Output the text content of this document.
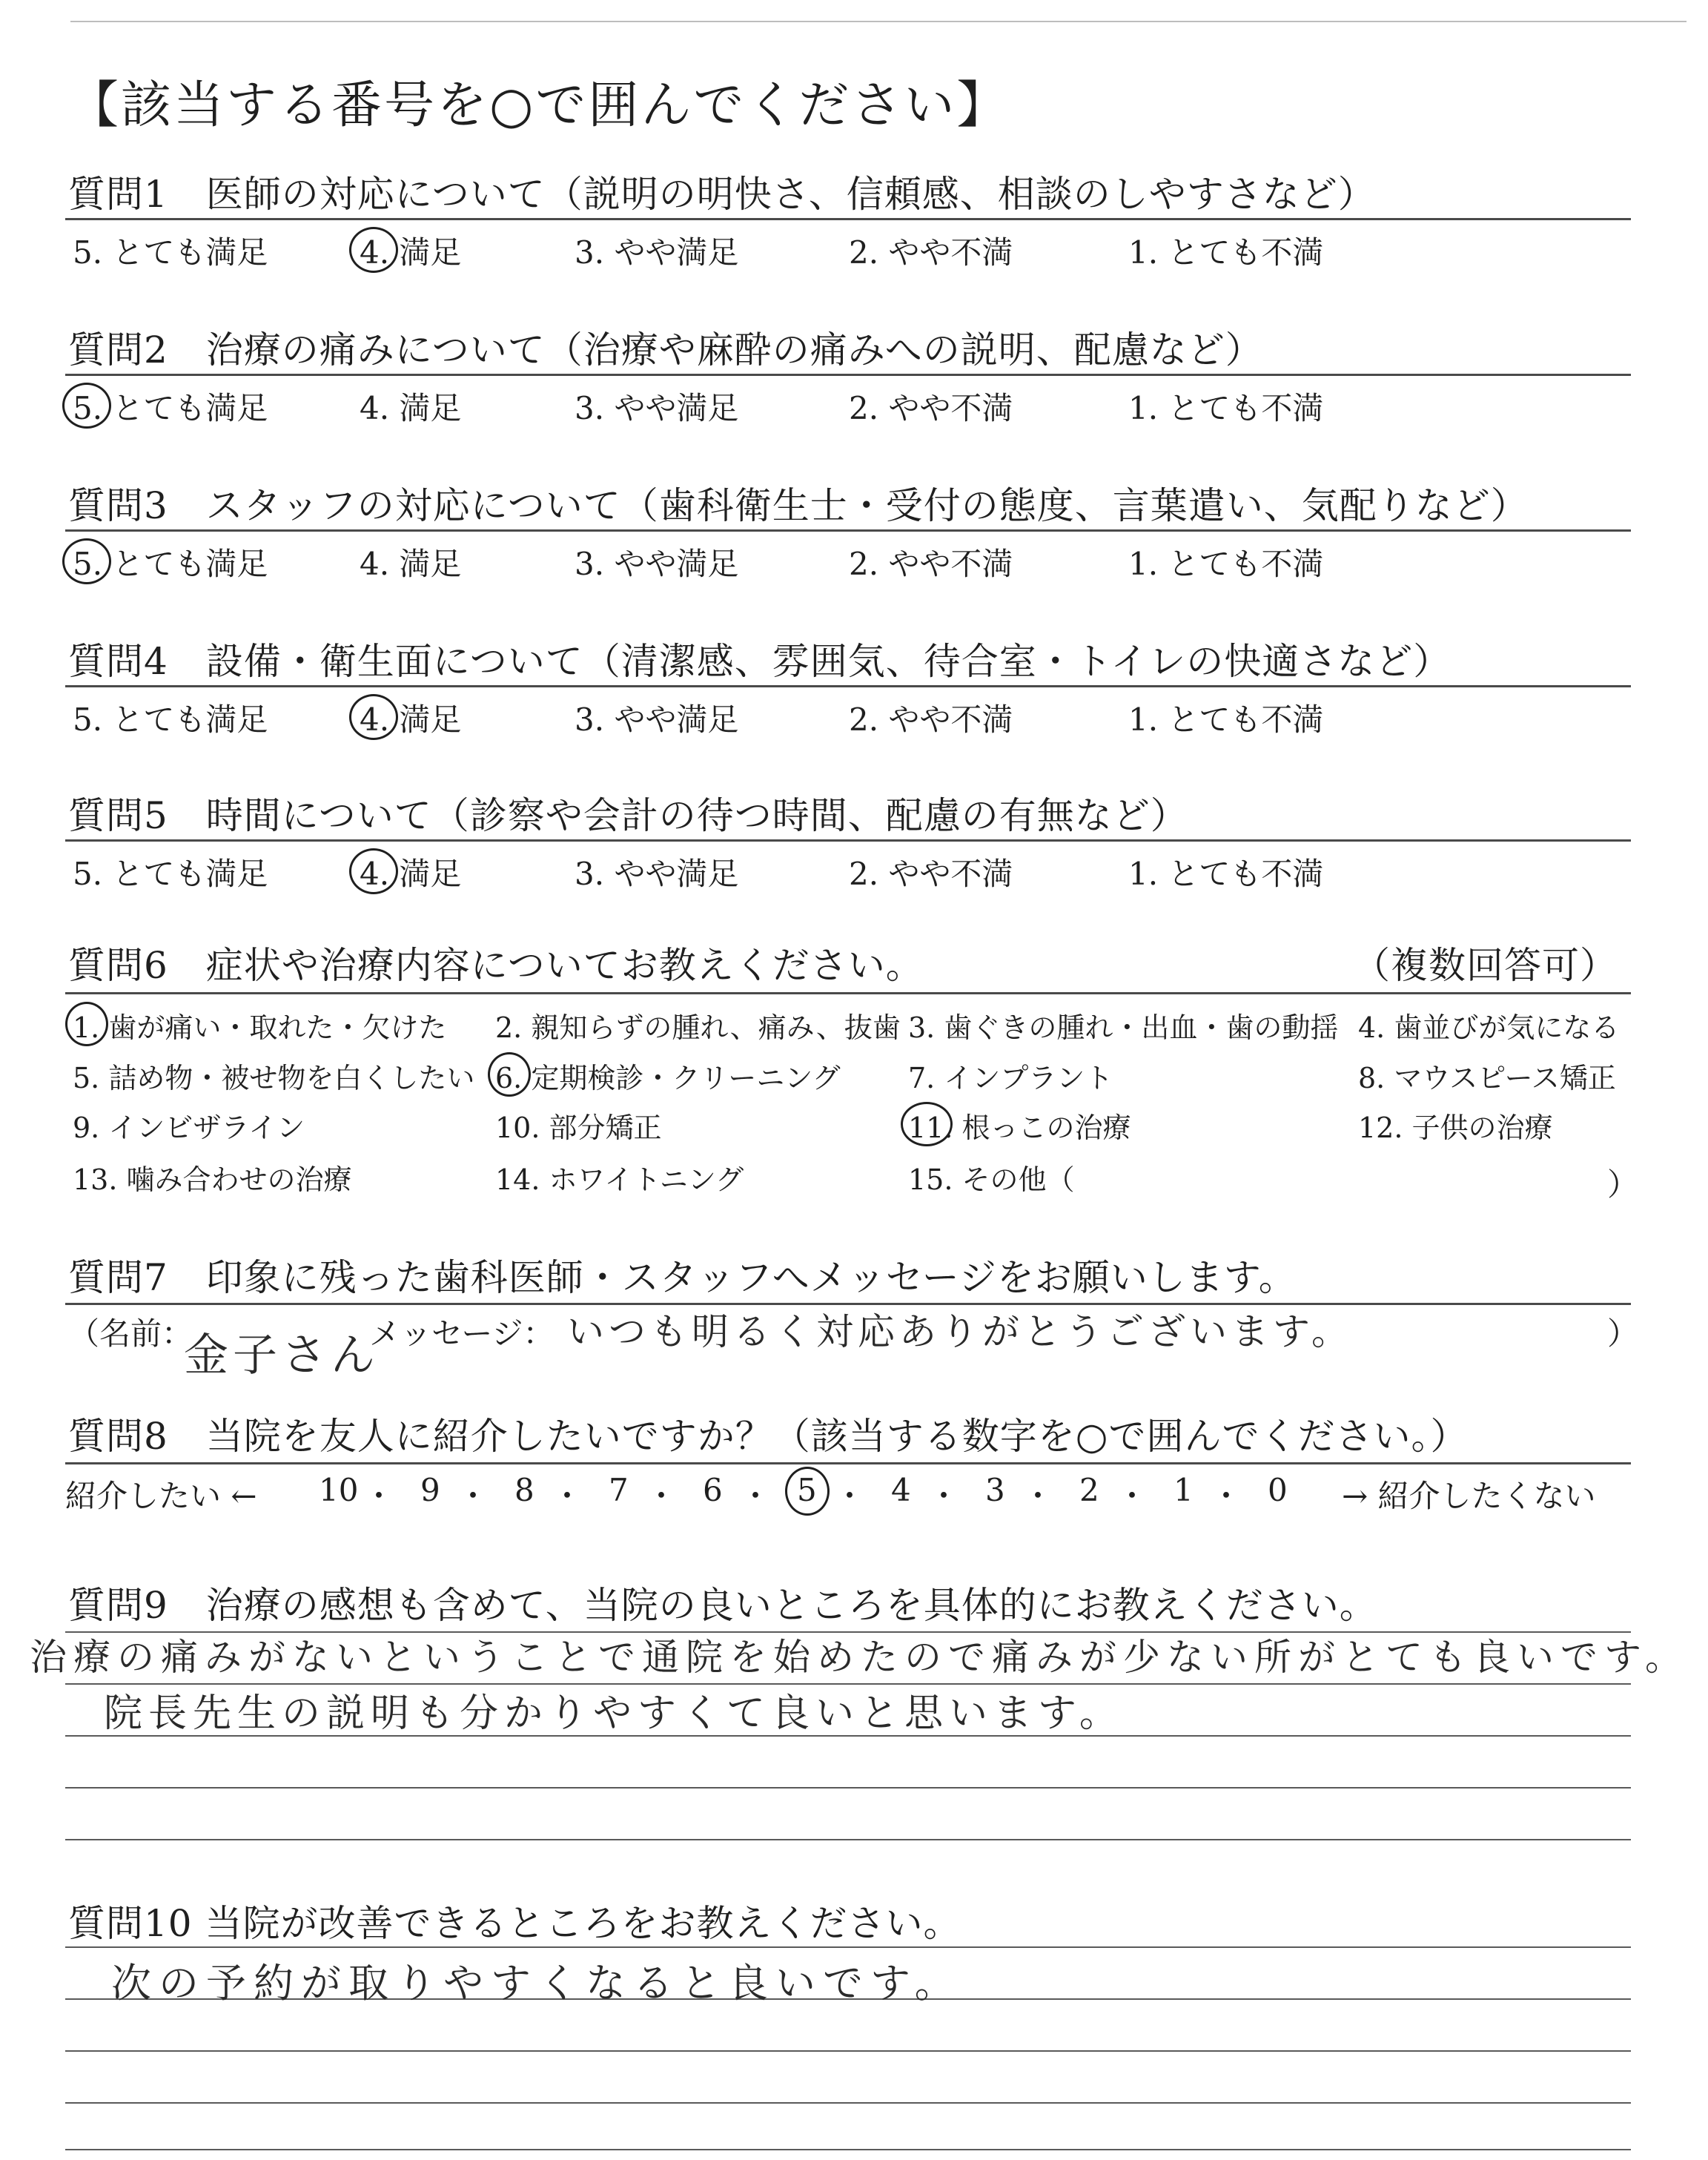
【該当する番号を○で囲んでください】
質問1　医師の対応について（説明の明快さ、信頼感、相談のしやすさなど）
5. とても満足	4. 満足	3. やや満足	2. やや不満	1. とても不満
質問2　治療の痛みについて（治療や麻酔の痛みへの説明、配慮など）
5. とても満足	4. 満足	3. やや満足	2. やや不満	1. とても不満
質問3　スタッフの対応について（歯科衛生士・受付の態度、言葉遣い、気配りなど）
5. とても満足	4. 満足	3. やや満足	2. やや不満	1. とても不満
質問4　設備・衛生面について（清潔感、雰囲気、待合室・トイレの快適さなど）
5. とても満足	4. 満足	3. やや満足	2. やや不満	1. とても不満
質問5　時間について（診察や会計の待つ時間、配慮の有無など）
5. とても満足	4. 満足	3. やや満足	2. やや不満	1. とても不満
質問6　症状や治療内容についてお教えください。	（複数回答可）
1. 歯が痛い・取れた・欠けた 2. 親知らずの腫れ、痛み、抜歯 3. 歯ぐきの腫れ・出血・歯の動揺 4. 歯並びが気になる
5. 詰め物・被せ物を白くしたい 6. 定期検診・クリーニング 7. インプラント	8. マウスピース矯正
9. インビザライン	10. 部分矯正	11. 根っこの治療	12. 子供の治療
13. 噛み合わせの治療	14. ホワイトニング	15. その他（	）
質問7　印象に残った歯科医師・スタッフへメッセージをお願いします。
（名前：
金子さん
メッセージ： いつも明るく対応ありがとうございます。	）
質問8　当院を友人に紹介したいですか？（該当する数字を○で囲んでください。）
紹介したい ← 10 ・ 9 ・ 8 ・ 7 ・ 6 ・ 5 ・ 4 ・ 3 ・ 2 ・ 1 ・ 0 → 紹介したくない
質問9　治療の感想も含めて、当院の良いところを具体的にお教えください。
治療の痛みがないということで通院を始めたので痛みが少ない所がとても良いです。
院長先生の説明も分かりやすくて良いと思います。
質問10 当院が改善できるところをお教えください。
次の予約が取りやすくなると良いです。
